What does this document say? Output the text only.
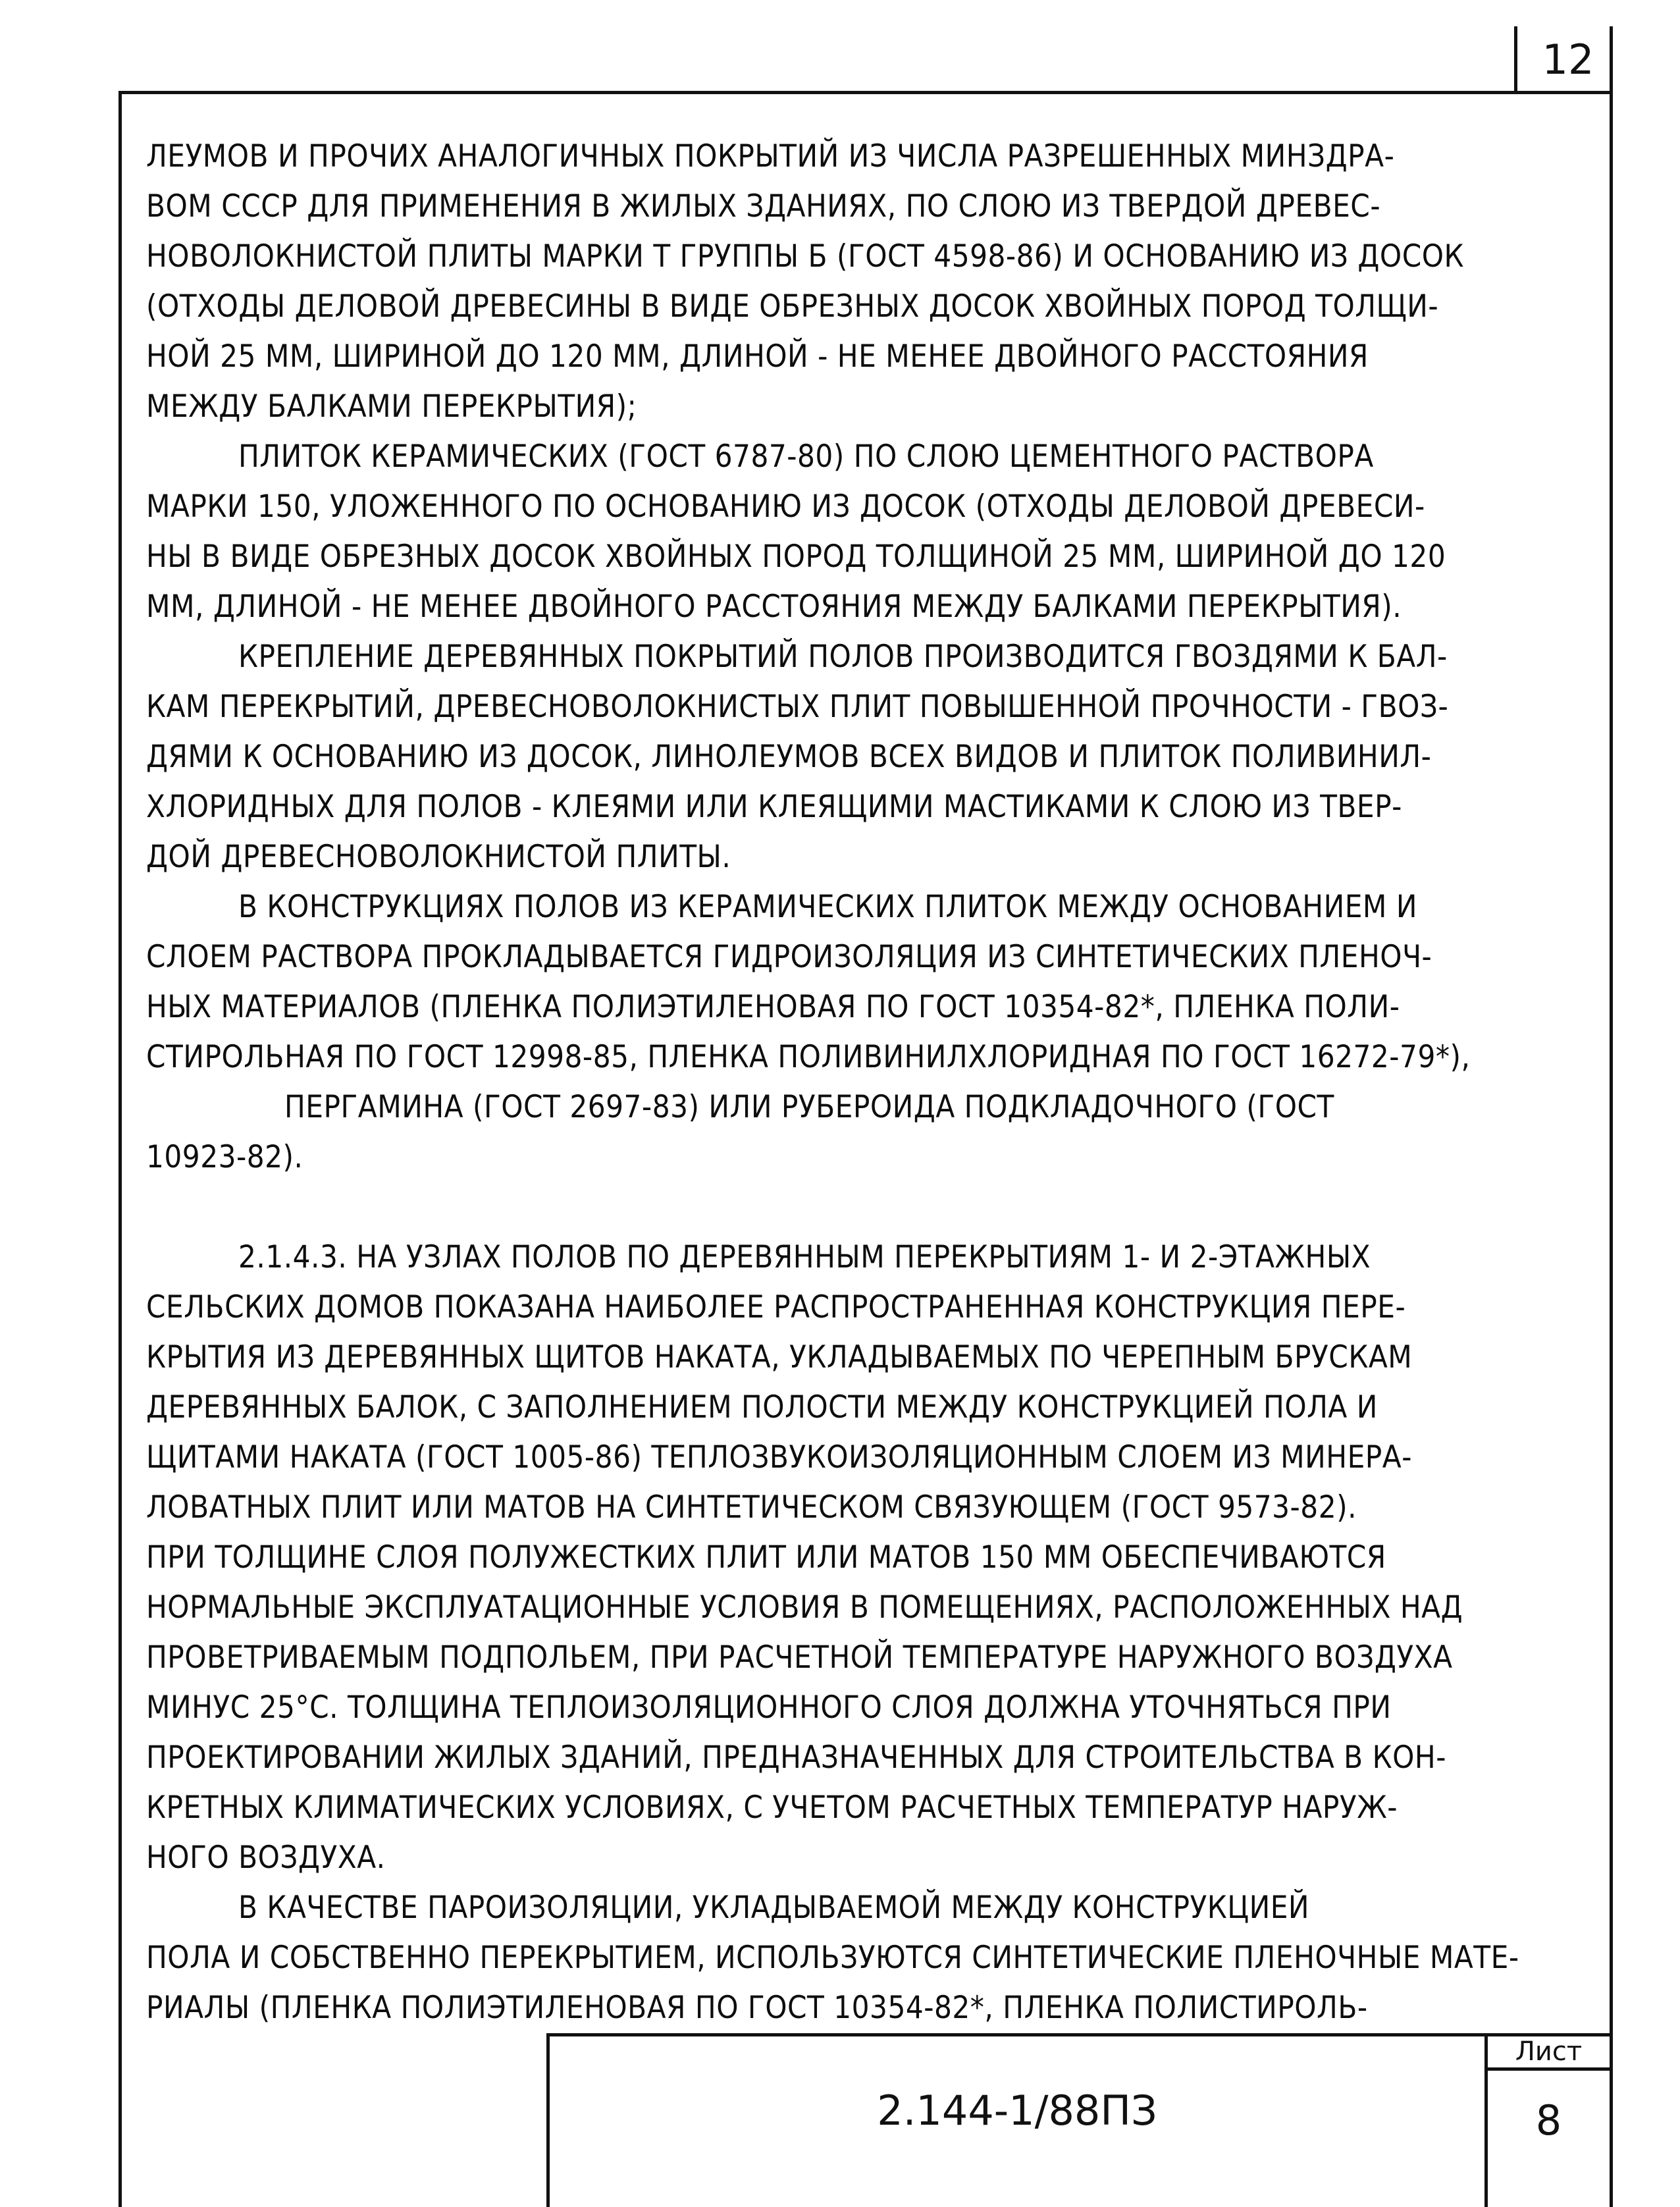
12
ЛЕУМОВ И ПРОЧИХ АНАЛОГИЧНЫХ ПОКРЫТИЙ ИЗ ЧИСЛА РАЗРЕШЕННЫХ МИНЗДРА-
ВОМ СССР ДЛЯ ПРИМЕНЕНИЯ В ЖИЛЫХ ЗДАНИЯХ, ПО СЛОЮ ИЗ ТВЕРДОЙ ДРЕВЕС-
НОВОЛОКНИСТОЙ ПЛИТЫ МАРКИ Т ГРУППЫ Б (ГОСТ 4598-86) И ОСНОВАНИЮ ИЗ ДОСОК
(ОТХОДЫ ДЕЛОВОЙ ДРЕВЕСИНЫ В ВИДЕ ОБРЕЗНЫХ ДОСОК ХВОЙНЫХ ПОРОД ТОЛЩИ-
НОЙ 25 ММ, ШИРИНОЙ ДО 120 ММ, ДЛИНОЙ - НЕ МЕНЕЕ ДВОЙНОГО РАССТОЯНИЯ
МЕЖДУ БАЛКАМИ ПЕРЕКРЫТИЯ);
ПЛИТОК КЕРАМИЧЕСКИХ (ГОСТ 6787-80) ПО СЛОЮ ЦЕМЕНТНОГО РАСТВОРА
МАРКИ 150, УЛОЖЕННОГО ПО ОСНОВАНИЮ ИЗ ДОСОК (ОТХОДЫ ДЕЛОВОЙ ДРЕВЕСИ-
НЫ В ВИДЕ ОБРЕЗНЫХ ДОСОК ХВОЙНЫХ ПОРОД ТОЛЩИНОЙ 25 ММ, ШИРИНОЙ ДО 120
ММ, ДЛИНОЙ - НЕ МЕНЕЕ ДВОЙНОГО РАССТОЯНИЯ МЕЖДУ БАЛКАМИ ПЕРЕКРЫТИЯ).
КРЕПЛЕНИЕ ДЕРЕВЯННЫХ ПОКРЫТИЙ ПОЛОВ ПРОИЗВОДИТСЯ ГВОЗДЯМИ К БАЛ-
КАМ ПЕРЕКРЫТИЙ, ДРЕВЕСНОВОЛОКНИСТЫХ ПЛИТ ПОВЫШЕННОЙ ПРОЧНОСТИ - ГВОЗ-
ДЯМИ К ОСНОВАНИЮ ИЗ ДОСОК, ЛИНОЛЕУМОВ ВСЕХ ВИДОВ И ПЛИТОК ПОЛИВИНИЛ-
ХЛОРИДНЫХ ДЛЯ ПОЛОВ - КЛЕЯМИ ИЛИ КЛЕЯЩИМИ МАСТИКАМИ К СЛОЮ ИЗ ТВЕР-
ДОЙ ДРЕВЕСНОВОЛОКНИСТОЙ ПЛИТЫ.
В КОНСТРУКЦИЯХ ПОЛОВ ИЗ КЕРАМИЧЕСКИХ ПЛИТОК МЕЖДУ ОСНОВАНИЕМ И
СЛОЕМ РАСТВОРА ПРОКЛАДЫВАЕТСЯ ГИДРОИЗОЛЯЦИЯ ИЗ СИНТЕТИЧЕСКИХ ПЛЕНОЧ-
НЫХ МАТЕРИАЛОВ (ПЛЕНКА ПОЛИЭТИЛЕНОВАЯ ПО ГОСТ 10354-82*, ПЛЕНКА ПОЛИ-
СТИРОЛЬНАЯ ПО ГОСТ 12998-85, ПЛЕНКА ПОЛИВИНИЛХЛОРИДНАЯ ПО ГОСТ 16272-79*),
ПЕРГАМИНА (ГОСТ 2697-83) ИЛИ РУБЕРОИДА ПОДКЛАДОЧНОГО (ГОСТ
10923-82).
2.1.4.3. НА УЗЛАХ ПОЛОВ ПО ДЕРЕВЯННЫМ ПЕРЕКРЫТИЯМ 1- И 2-ЭТАЖНЫХ
СЕЛЬСКИХ ДОМОВ ПОКАЗАНА НАИБОЛЕЕ РАСПРОСТРАНЕННАЯ КОНСТРУКЦИЯ ПЕРЕ-
КРЫТИЯ ИЗ ДЕРЕВЯННЫХ ЩИТОВ НАКАТА, УКЛАДЫВАЕМЫХ ПО ЧЕРЕПНЫМ БРУСКАМ
ДЕРЕВЯННЫХ БАЛОК, С ЗАПОЛНЕНИЕМ ПОЛОСТИ МЕЖДУ КОНСТРУКЦИЕЙ ПОЛА И
ЩИТАМИ НАКАТА (ГОСТ 1005-86) ТЕПЛОЗВУКОИЗОЛЯЦИОННЫМ СЛОЕМ ИЗ МИНЕРА-
ЛОВАТНЫХ ПЛИТ ИЛИ МАТОВ НА СИНТЕТИЧЕСКОМ СВЯЗУЮЩЕМ (ГОСТ 9573-82).
ПРИ ТОЛЩИНЕ СЛОЯ ПОЛУЖЕСТКИХ ПЛИТ ИЛИ МАТОВ 150 ММ ОБЕСПЕЧИВАЮТСЯ
НОРМАЛЬНЫЕ ЭКСПЛУАТАЦИОННЫЕ УСЛОВИЯ В ПОМЕЩЕНИЯХ, РАСПОЛОЖЕННЫХ НАД
ПРОВЕТРИВАЕМЫМ ПОДПОЛЬЕМ, ПРИ РАСЧЕТНОЙ ТЕМПЕРАТУРЕ НАРУЖНОГО ВОЗДУХА
МИНУС 25°С. ТОЛЩИНА ТЕПЛОИЗОЛЯЦИОННОГО СЛОЯ ДОЛЖНА УТОЧНЯТЬСЯ ПРИ
ПРОЕКТИРОВАНИИ ЖИЛЫХ ЗДАНИЙ, ПРЕДНАЗНАЧЕННЫХ ДЛЯ СТРОИТЕЛЬСТВА В КОН-
КРЕТНЫХ КЛИМАТИЧЕСКИХ УСЛОВИЯХ, С УЧЕТОМ РАСЧЕТНЫХ ТЕМПЕРАТУР НАРУЖ-
НОГО ВОЗДУХА.
В КАЧЕСТВЕ ПАРОИЗОЛЯЦИИ, УКЛАДЫВАЕМОЙ МЕЖДУ КОНСТРУКЦИЕЙ
ПОЛА И СОБСТВЕННО ПЕРЕКРЫТИЕМ, ИСПОЛЬЗУЮТСЯ СИНТЕТИЧЕСКИЕ ПЛЕНОЧНЫЕ МАТЕ-
РИАЛЫ (ПЛЕНКА ПОЛИЭТИЛЕНОВАЯ ПО ГОСТ 10354-82*, ПЛЕНКА ПОЛИСТИРОЛЬ-
2.144-1/88ПЗ
Лист
8
